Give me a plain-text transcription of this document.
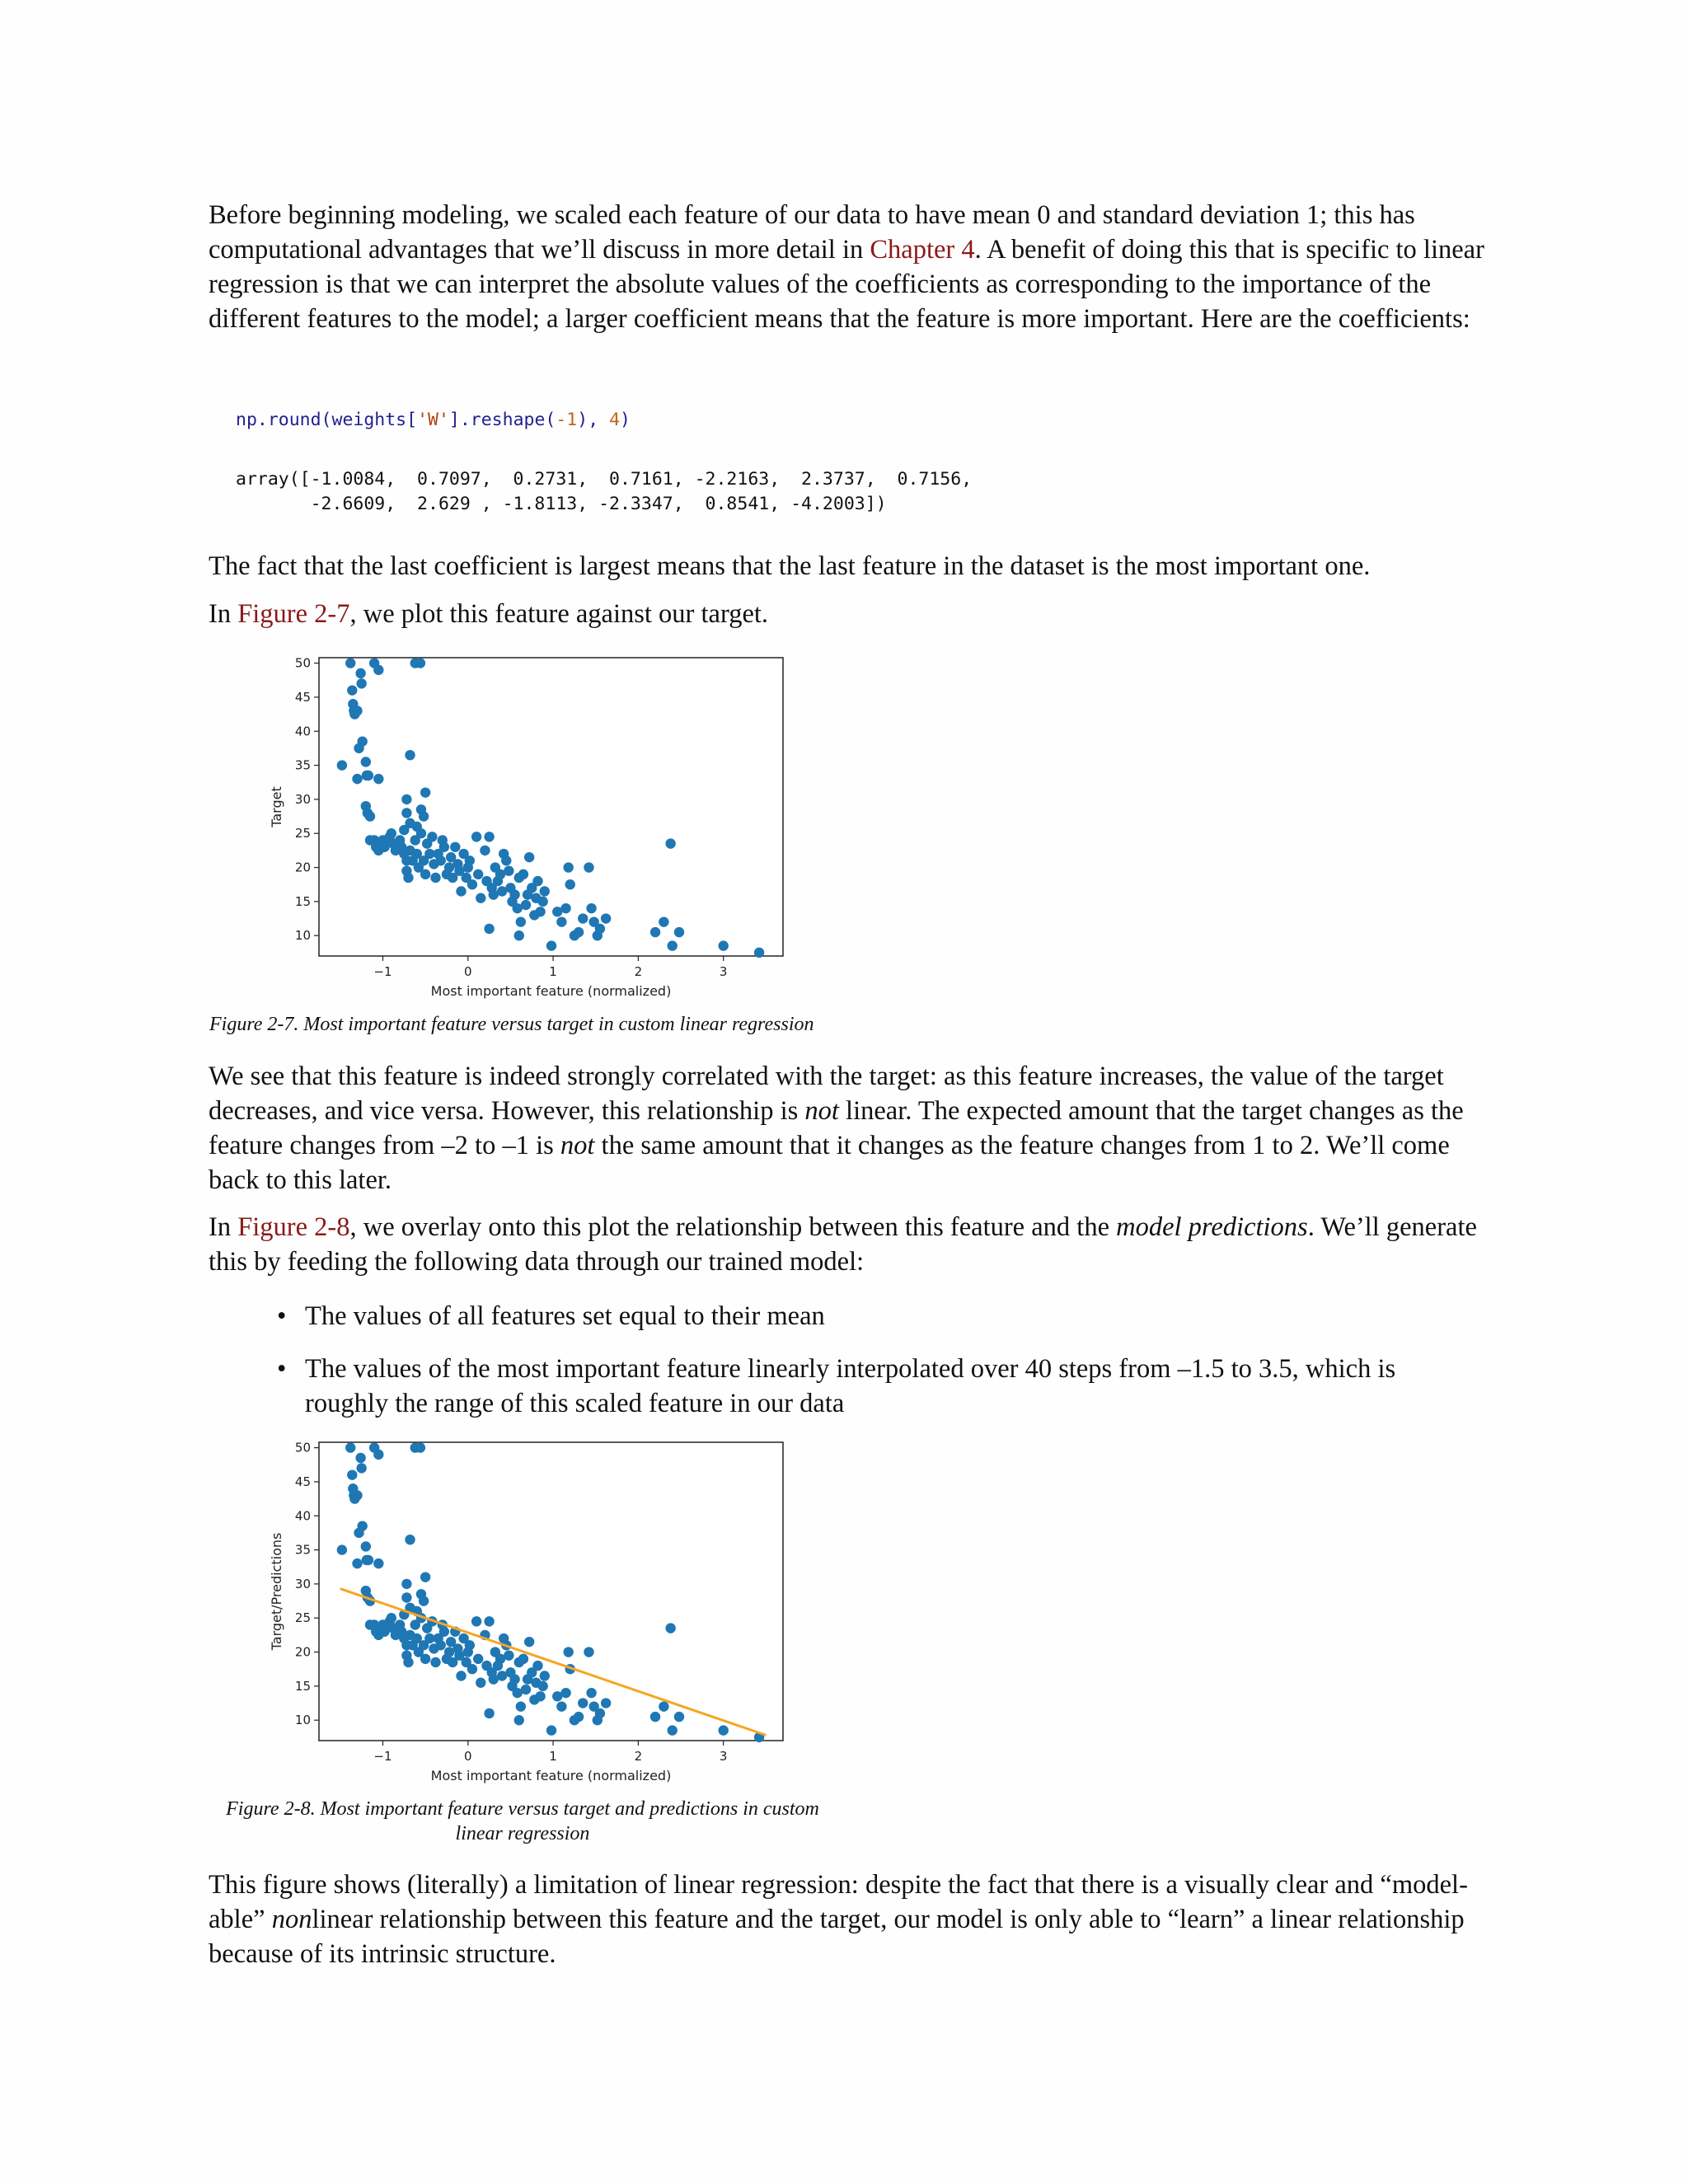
Before beginning modeling, we scaled each feature of our data to have mean 0 and standard deviation 1; this has computational advantages that we’ll discuss in more detail in Chapter 4. A benefit of doing this that is specific to linear regression is that we can interpret the absolute values of the coefficients as corresponding to the importance of the different features to the model; a larger coefficient means that the feature is more important. Here are the coefficients:

np.round(weights['W'].reshape(-1), 4)
array([-1.0084,  0.7097,  0.2731,  0.7161, -2.2163,  2.3737,  0.7156,
-2.6609,  2.629 , -1.8113, -2.3347,  0.8541, -4.2003])

The fact that the last coefficient is largest means that the last feature in the dataset is the most important one.

In Figure 2-7, we plot this feature against our target.

10
15
20
25
30
35
40
45
50
−1	0	1	2	3
Most important feature (normalized)
Target

Figure 2-7. Most important feature versus target in custom linear regression

We see that this feature is indeed strongly correlated with the target: as this feature increases, the value of the target decreases, and vice versa. However, this relationship is not linear. The expected amount that the target changes as the feature changes from –2 to –1 is not the same amount that it changes as the feature changes from 1 to 2. We’ll come back to this later.

In Figure 2-8, we overlay onto this plot the relationship between this feature and the model predictions. We’ll generate this by feeding the following data through our trained model:

• The values of all features set equal to their mean
• The values of the most important feature linearly interpolated over 40 steps from –1.5 to 3.5, which is roughly the range of this scaled feature in our data
10
15
20
25
30
35
40
45
50
−1	0	1	2	3
Most important feature (normalized)
Target/Predictions

Figure 2-8. Most important feature versus target and predictions in custom
linear regression

This figure shows (literally) a limitation of linear regression: despite the fact that there is a visually clear and “model-able” nonlinear relationship between this feature and the target, our model is only able to “learn” a linear relationship because of its intrinsic structure.
